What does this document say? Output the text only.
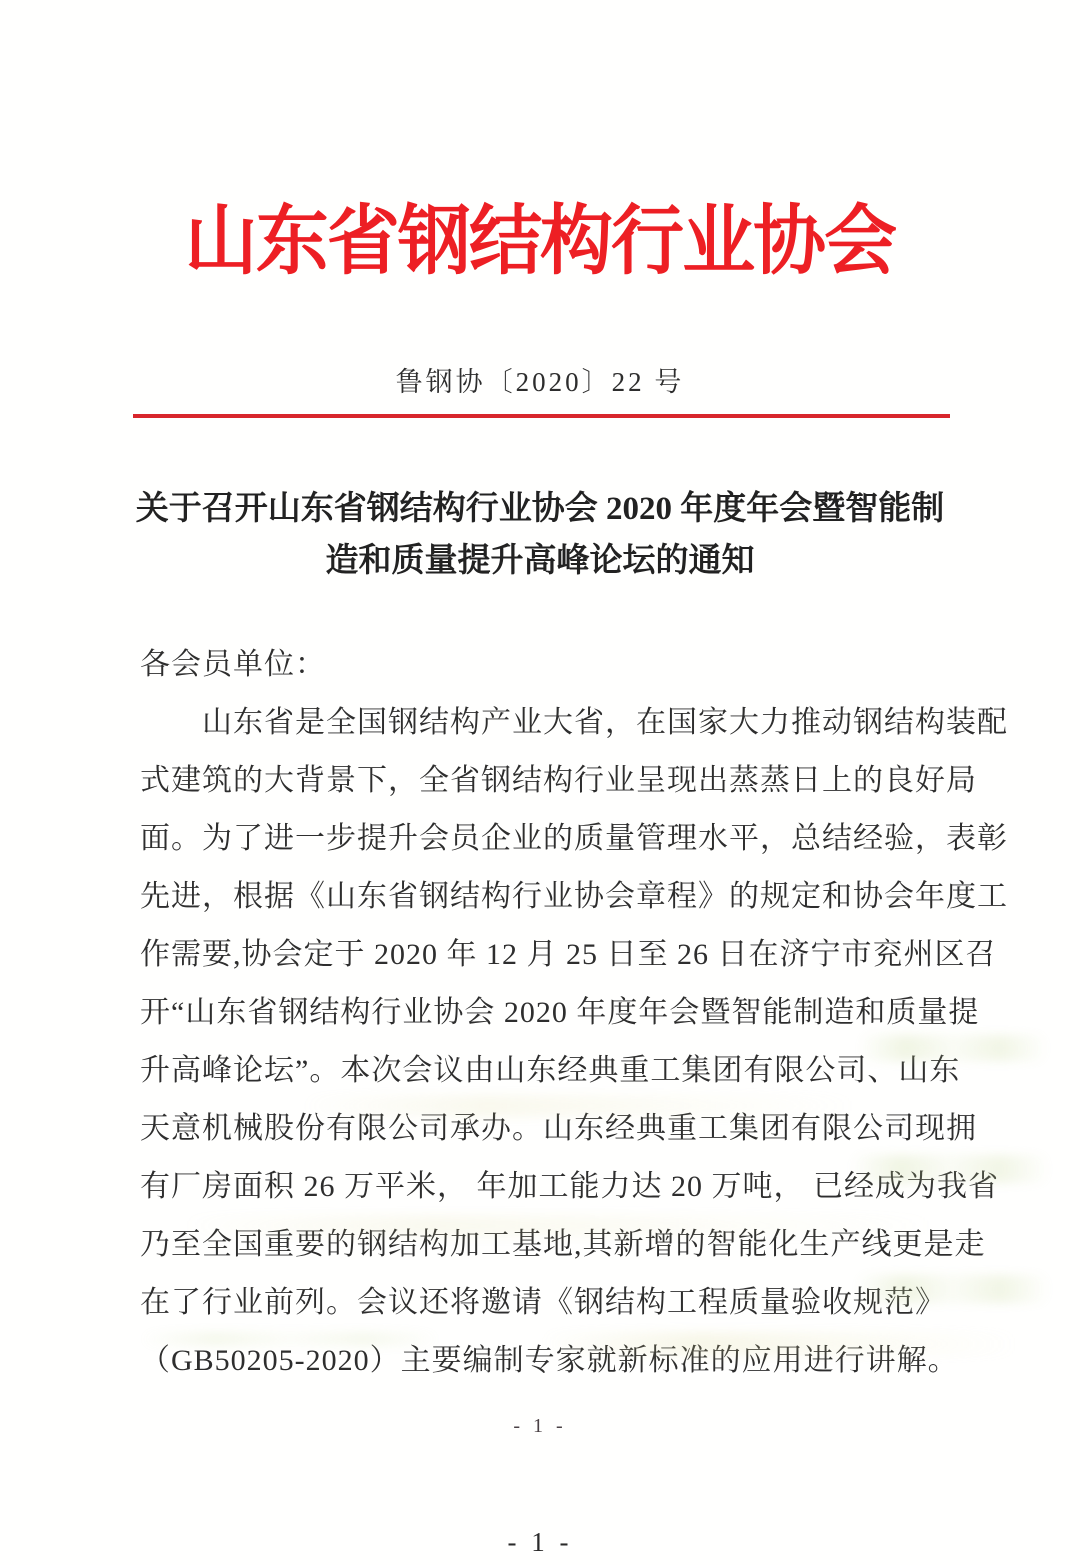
山东省钢结构行业协会
鲁钢协〔2020〕22 号
关于召开山东省钢结构行业协会 2020 年度年会暨智能制
造和质量提升高峰论坛的通知
各会员单位：
　　山东省是全国钢结构产业大省，在国家大力推动钢结构装配
式建筑的大背景下，全省钢结构行业呈现出蒸蒸日上的良好局
面。为了进一步提升会员企业的质量管理水平，总结经验，表彰
先进，根据《山东省钢结构行业协会章程》的规定和协会年度工
作需要,协会定于 2020 年 12 月 25 日至 26 日在济宁市兖州区召
开“山东省钢结构行业协会 2020 年度年会暨智能制造和质量提
升高峰论坛”。本次会议由山东经典重工集团有限公司、山东
天意机械股份有限公司承办。山东经典重工集团有限公司现拥
有厂房面积 26 万平米， 年加工能力达 20 万吨， 已经成为我省
乃至全国重要的钢结构加工基地,其新增的智能化生产线更是走
在了行业前列。会议还将邀请《钢结构工程质量验收规范》
（GB50205-2020）主要编制专家就新标准的应用进行讲解。
- 1 -
- 1 -
